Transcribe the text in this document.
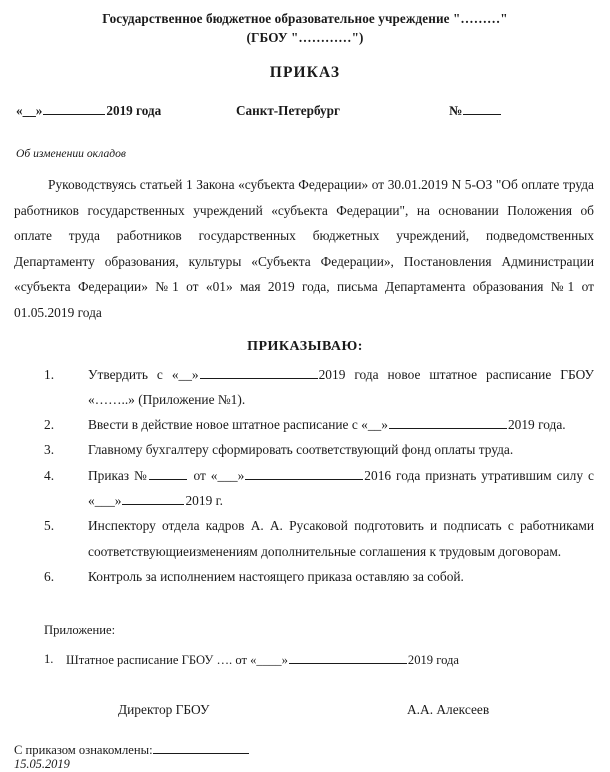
Государственное бюджетное образовательное учреждение "………"
(ГБОУ "…………")
ПРИКАЗ
«__»	2019 года	Санкт-Петербург	№
Об изменении окладов
Руководствуясь статьей 1 Закона «субъекта Федерации» от 30.01.2019 N 5-ОЗ "Об оплате труда работников государственных учреждений «субъекта Федерации", на основании Положения об оплате труда работников государственных бюджетных учреждений, подведомственных Департаменту образования, культуры «Субъекта Федерации», Постановления Администрации «субъекта Федерации» №1 от «01» мая 2019 года, письма Департамента образования №1 от 01.05.2019 года
ПРИКАЗЫВАЮ:
1.	Утвердить с «__»	2019 года новое штатное расписание ГБОУ «……..» (Приложение №1).
2.	Ввести в действие новое штатное расписание с «__»	2019 года.
3.	Главному бухгалтеру сформировать соответствующий фонд оплаты труда.
4.	Приказ №	от «___»	2016 года признать утратившим силу с «___»	2019 г.
5.	Инспектору отдела кадров А. А. Русаковой подготовить и подписать с работниками соответствующиеизменениям дополнительные соглашения к трудовым договорам.
6.	Контроль за исполнением настоящего приказа оставляю за собой.
Приложение:
1. Штатное расписание ГБОУ …. от «____»	2019 года
Директор ГБОУ	А.А. Алексеев
С приказом ознакомлены:
15.05.2019
